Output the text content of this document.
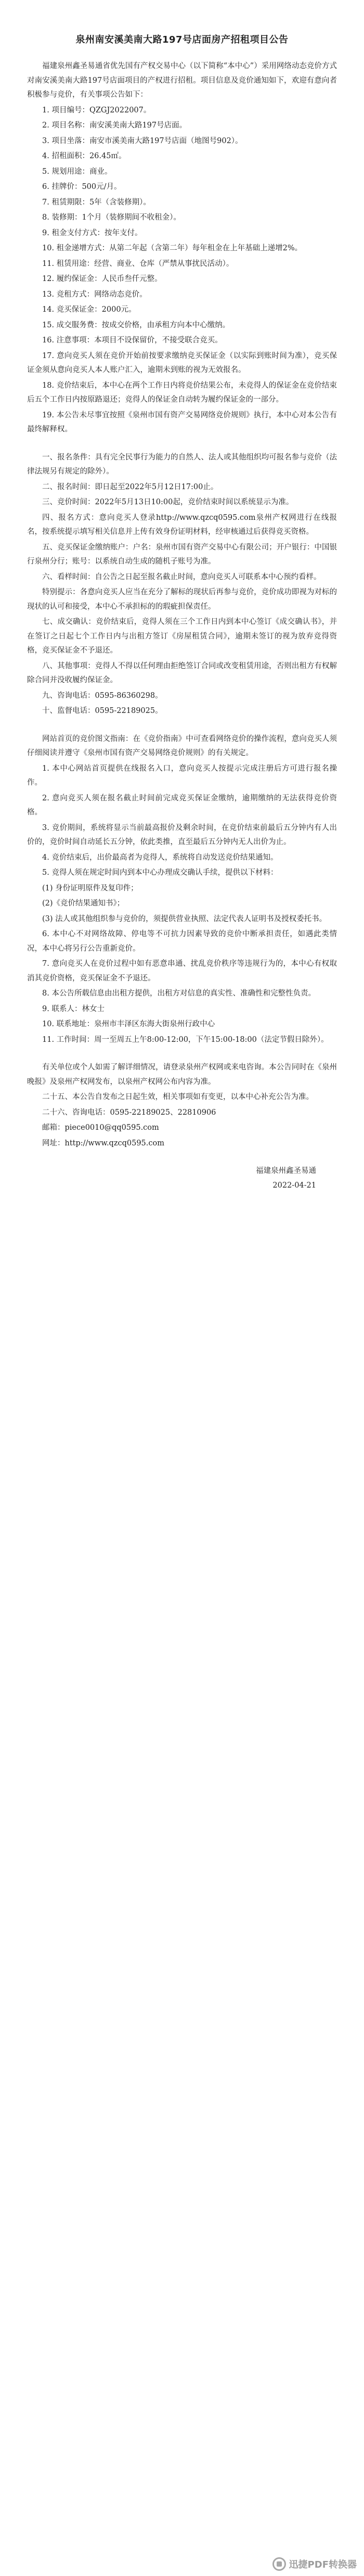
泉州南安溪美南大路197号店面房产招租项目公告

福建泉州鑫圣易通省优先国有产权交易中心（以下简称“本中心”）采用网络动态竞价方式对南安溪美南大路197号店面项目的产权进行招租。项目信息及竞价通知如下，欢迎有意向者积极参与竞价，有关事项公告如下：

1. 项目编号：QZGJ2022007。

2. 项目名称：南安溪美南大路197号店面。

3. 项目坐落：南安市溪美南大路197号店面（地图号902）。

4. 招租面积：26.45㎡。

5. 规划用途：商业。

6. 挂牌价：500元/月。

7. 租赁期限：5年（含装修期）。

8. 装修期：1个月（装修期间不收租金）。

9. 租金支付方式：按年支付。

10. 租金递增方式：从第二年起（含第二年）每年租金在上年基础上递增2%。

11. 租赁用途：经营、商业、仓库（严禁从事扰民活动）。

12. 履约保证金：人民币叁仟元整。

13. 竞租方式：网络动态竞价。

14. 竞买保证金：2000元。

15. 成交服务费：按成交价格，由承租方向本中心缴纳。

16. 注意事项：本项目不设保留价，不接受联合竞买。

17. 意向竞买人须在竞价开始前按要求缴纳竞买保证金（以实际到账时间为准），竞买保证金须从意向竞买人本人账户汇入，逾期未到账的视为无效报名。

18. 竞价结束后，本中心在两个工作日内将竞价结果公布，未竞得人的保证金在竞价结束后五个工作日内按原路退还；竞得人的保证金自动转为履约保证金的一部分。

19. 本公告未尽事宜按照《泉州市国有资产交易网络竞价规则》执行，本中心对本公告有最终解释权。

一、报名条件：具有完全民事行为能力的自然人、法人或其他组织均可报名参与竞价（法律法规另有规定的除外）。

二、报名时间：即日起至2022年5月12日17:00止。

三、竞价时间：2022年5月13日10:00起，竞价结束时间以系统显示为准。

四、报名方式：意向竞买人登录http://www.qzcq0595.com泉州产权网进行在线报名，按系统提示填写相关信息并上传有效身份证明材料，经审核通过后获得竞买资格。

五、竞买保证金缴纳账户：户名：泉州市国有资产交易中心有限公司；开户银行：中国银行泉州分行；账号：以系统自动生成的随机子账号为准。

六、看样时间：自公告之日起至报名截止时间，意向竞买人可联系本中心预约看样。

特别提示：各意向竞买人应当在充分了解标的现状后再参与竞价，竞价成功即视为对标的现状的认可和接受，本中心不承担标的的瑕疵担保责任。

七、成交确认：竞价结束后，竞得人须在三个工作日内到本中心签订《成交确认书》，并在签订之日起七个工作日内与出租方签订《房屋租赁合同》，逾期未签订的视为放弃竞得资格，竞买保证金不予退还。

八、其他事项：竞得人不得以任何理由拒绝签订合同或改变租赁用途，否则出租方有权解除合同并没收履约保证金。

九、咨询电话：0595-86360298。

十、监督电话：0595-22189025。

网站首页的竞价图文指南：在《竞价指南》中可查看网络竞价的操作流程，意向竞买人须仔细阅读并遵守《泉州市国有资产交易网络竞价规则》的有关规定。

1. 本中心网站首页提供在线报名入口，意向竞买人按提示完成注册后方可进行报名操作。

2. 意向竞买人须在报名截止时间前完成竞买保证金缴纳，逾期缴纳的无法获得竞价资格。

3. 竞价期间，系统将显示当前最高报价及剩余时间，在竞价结束前最后五分钟内有人出价的，竞价时间自动延长五分钟，依此类推，直至最后五分钟内无人出价为止。

4. 竞价结束后，出价最高者为竞得人，系统将自动发送竞价结果通知。

5. 竞得人须在规定时间内到本中心办理成交确认手续，提供以下材料：

(1) 身份证明原件及复印件；

(2)《竞价结果通知书》；

(3) 法人或其他组织参与竞价的，须提供营业执照、法定代表人证明书及授权委托书。

6. 本中心不对网络故障、停电等不可抗力因素导致的竞价中断承担责任，如遇此类情况，本中心将另行公告重新竞价。

7. 意向竞买人在竞价过程中如有恶意串通、扰乱竞价秩序等违规行为的，本中心有权取消其竞价资格，竞买保证金不予退还。

8. 本公告所载信息由出租方提供，出租方对信息的真实性、准确性和完整性负责。

9. 联系人：林女士

10. 联系地址：泉州市丰泽区东海大街泉州行政中心

11. 工作时间：周一至周五上午8:00-12:00，下午15:00-18:00（法定节假日除外）。

有关单位或个人如需了解详细情况，请登录泉州产权网或来电咨询。本公告同时在《泉州晚报》及泉州产权网发布，以泉州产权网公布内容为准。

二十五、本公告自发布之日起生效，相关事项如有变更，以本中心补充公告为准。

二十六、咨询电话：0595-22189025、22810906

邮箱：piece0010@qq0595.com

网址：http://www.qzcq0595.com

福建泉州鑫圣易通
2022-04-21
迅捷PDF转换器
